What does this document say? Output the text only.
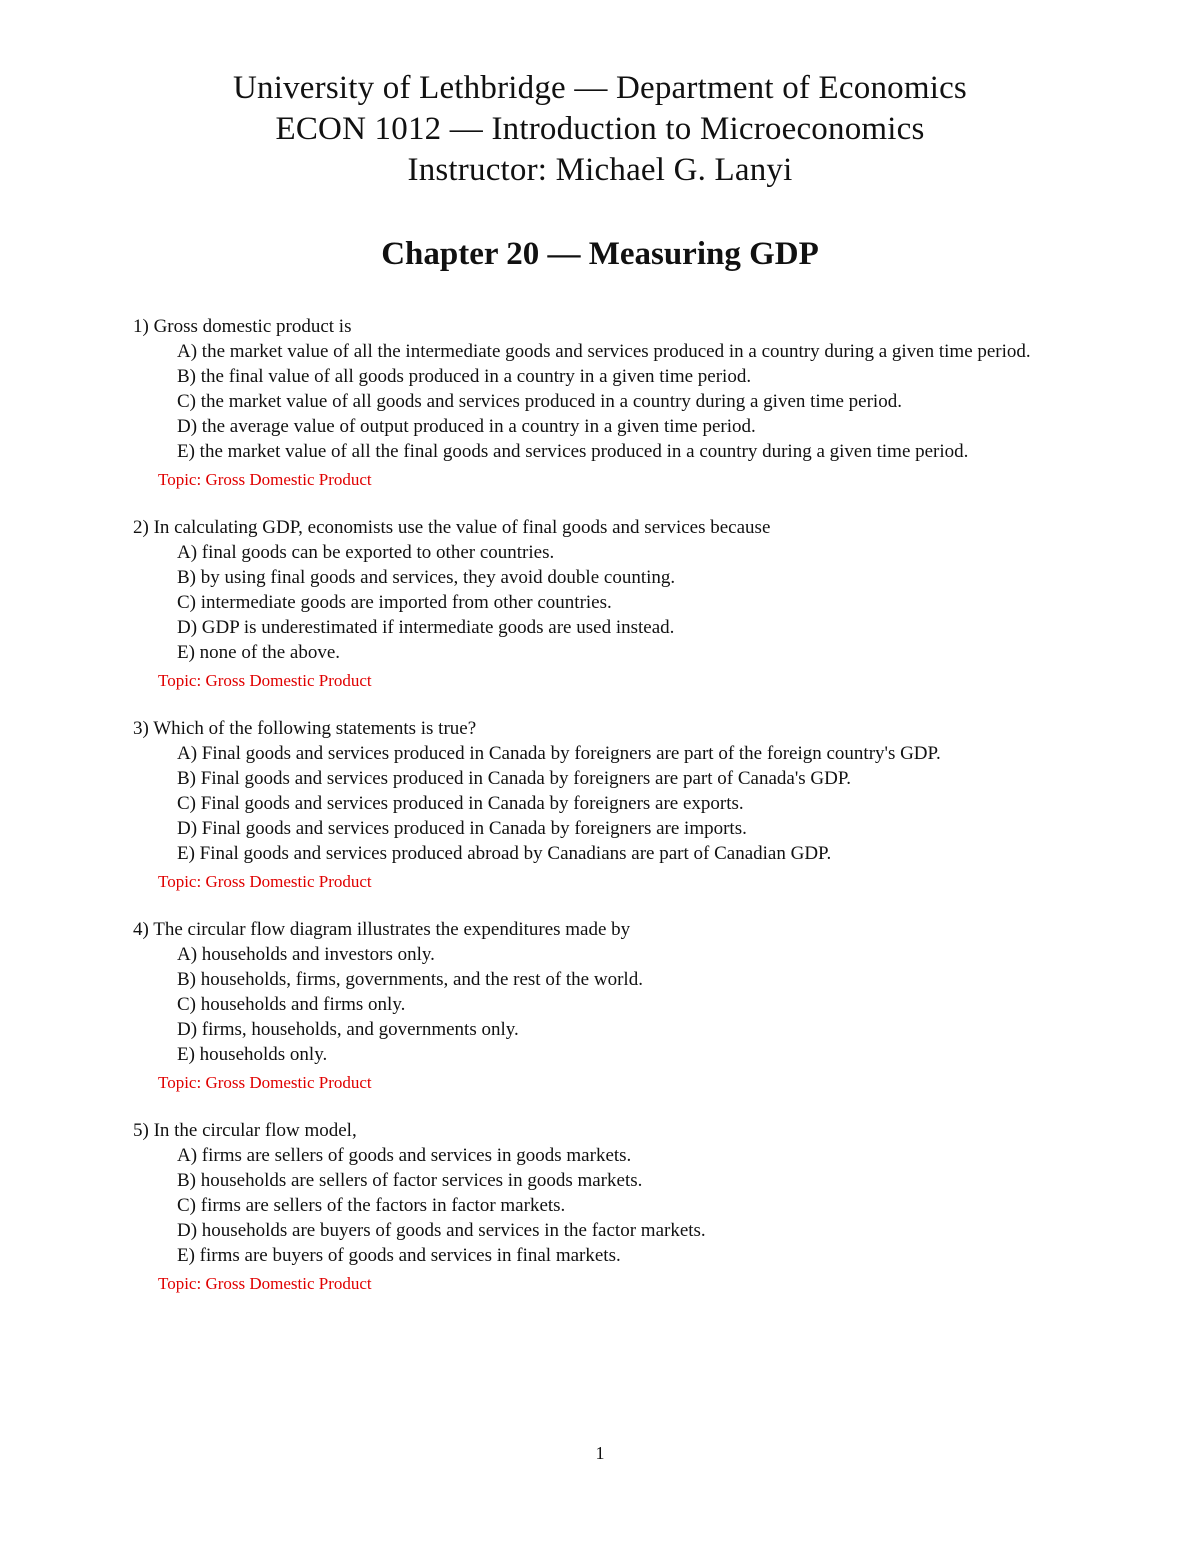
University of Lethbridge — Department of Economics
ECON 1012 — Introduction to Microeconomics
Instructor: Michael G. Lanyi
Chapter 20 — Measuring GDP
1) Gross domestic product is
A) the market value of all the intermediate goods and services produced in a country during a given time period.
B) the final value of all goods produced in a country in a given time period.
C) the market value of all goods and services produced in a country during a given time period.
D) the average value of output produced in a country in a given time period.
E) the market value of all the final goods and services produced in a country during a given time period.
Topic: Gross Domestic Product
2) In calculating GDP, economists use the value of final goods and services because
A) final goods can be exported to other countries.
B) by using final goods and services, they avoid double counting.
C) intermediate goods are imported from other countries.
D) GDP is underestimated if intermediate goods are used instead.
E) none of the above.
Topic: Gross Domestic Product
3) Which of the following statements is true?
A) Final goods and services produced in Canada by foreigners are part of the foreign country's GDP.
B) Final goods and services produced in Canada by foreigners are part of Canada's GDP.
C) Final goods and services produced in Canada by foreigners are exports.
D) Final goods and services produced in Canada by foreigners are imports.
E) Final goods and services produced abroad by Canadians are part of Canadian GDP.
Topic: Gross Domestic Product
4) The circular flow diagram illustrates the expenditures made by
A) households and investors only.
B) households, firms, governments, and the rest of the world.
C) households and firms only.
D) firms, households, and governments only.
E) households only.
Topic: Gross Domestic Product
5) In the circular flow model,
A) firms are sellers of goods and services in goods markets.
B) households are sellers of factor services in goods markets.
C) firms are sellers of the factors in factor markets.
D) households are buyers of goods and services in the factor markets.
E) firms are buyers of goods and services in final markets.
Topic: Gross Domestic Product
1
